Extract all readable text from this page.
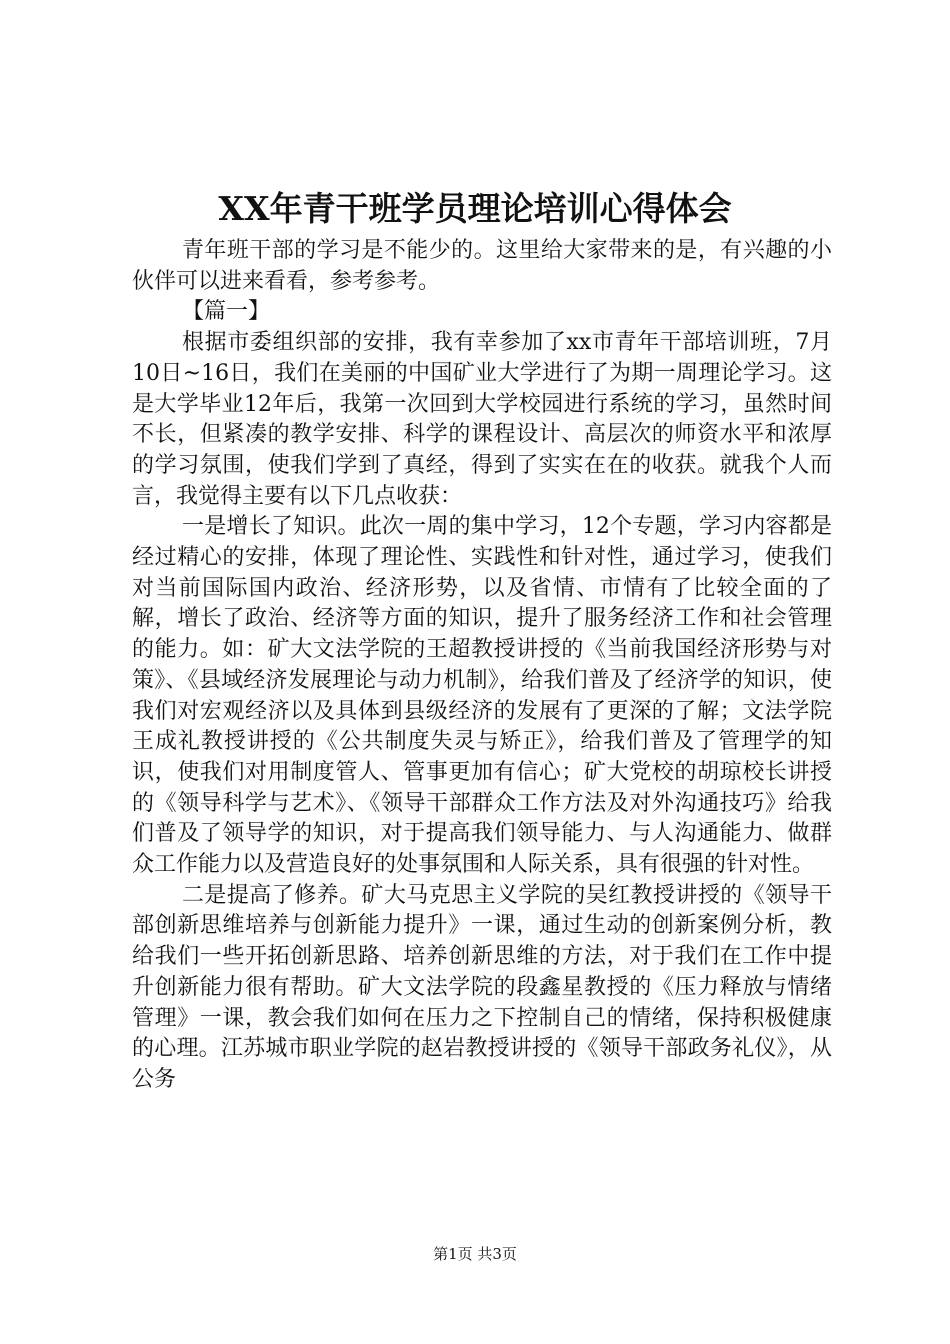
XX年青干班学员理论培训心得体会

青年班干部的学习是不能少的。这里给大家带来的是，有兴趣的小伙伴可以进来看看，参考参考。

【篇一】

根据市委组织部的安排，我有幸参加了xx市青年干部培训班，7月10日~16日，我们在美丽的中国矿业大学进行了为期一周理论学习。这是大学毕业12年后，我第一次回到大学校园进行系统的学习，虽然时间不长，但紧凑的教学安排、科学的课程设计、高层次的师资水平和浓厚的学习氛围，使我们学到了真经，得到了实实在在的收获。就我个人而言，我觉得主要有以下几点收获：

一是增长了知识。此次一周的集中学习，12个专题，学习内容都是经过精心的安排，体现了理论性、实践性和针对性，通过学习，使我们对当前国际国内政治、经济形势，以及省情、市情有了比较全面的了解，增长了政治、经济等方面的知识，提升了服务经济工作和社会管理的能力。如：矿大文法学院的王超教授讲授的《当前我国经济形势与对策》、《县域经济发展理论与动力机制》，给我们普及了经济学的知识，使我们对宏观经济以及具体到县级经济的发展有了更深的了解；文法学院王成礼教授讲授的《公共制度失灵与矫正》，给我们普及了管理学的知识，使我们对用制度管人、管事更加有信心；矿大党校的胡琼校长讲授的《领导科学与艺术》、《领导干部群众工作方法及对外沟通技巧》给我们普及了领导学的知识，对于提高我们领导能力、与人沟通能力、做群众工作能力以及营造良好的处事氛围和人际关系，具有很强的针对性。

二是提高了修养。矿大马克思主义学院的吴红教授讲授的《领导干部创新思维培养与创新能力提升》一课，通过生动的创新案例分析，教给我们一些开拓创新思路、培养创新思维的方法，对于我们在工作中提升创新能力很有帮助。矿大文法学院的段鑫星教授的《压力释放与情绪管理》一课，教会我们如何在压力之下控制自己的情绪，保持积极健康的心理。江苏城市职业学院的赵岩教授讲授的《领导干部政务礼仪》，从公务

第1页 共3页
